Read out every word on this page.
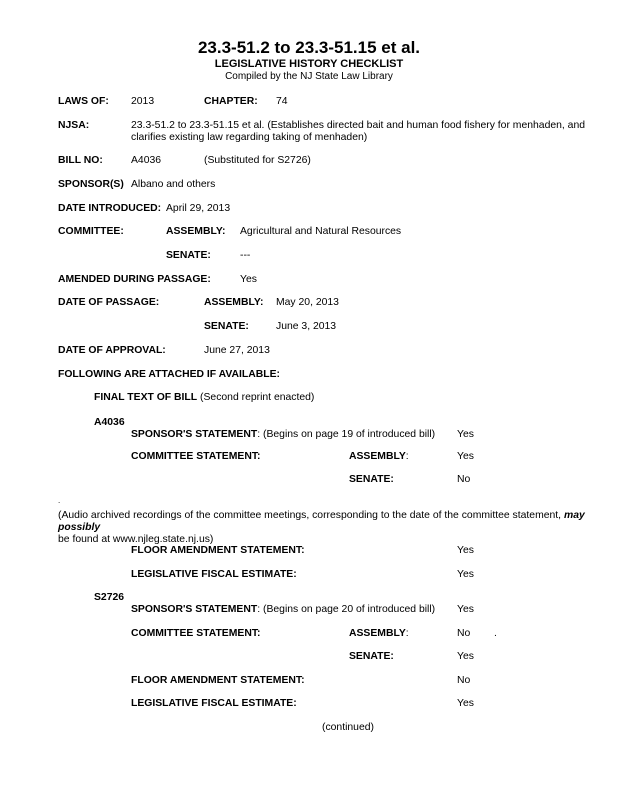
23.3-51.2 to 23.3-51.15 et al.
LEGISLATIVE HISTORY CHECKLIST
Compiled by the NJ State Law Library
LAWS OF: 2013	CHAPTER: 74
NJSA:	23.3-51.2 to 23.3-51.15 et al. (Establishes directed bait and human food fishery for menhaden, and clarifies existing law regarding taking of menhaden)
BILL NO:	A4036	(Substituted for S2726)
SPONSOR(S) Albano and others
DATE INTRODUCED: April 29, 2013
COMMITTEE:	ASSEMBLY: Agricultural and Natural Resources
SENATE:	---
AMENDED DURING PASSAGE:	Yes
DATE OF PASSAGE:	ASSEMBLY: May 20, 2013
SENATE:	June 3, 2013
DATE OF APPROVAL:	June 27, 2013
FOLLOWING ARE ATTACHED IF AVAILABLE:
FINAL TEXT OF BILL (Second reprint enacted)
A4036
SPONSOR'S STATEMENT: (Begins on page 19 of introduced bill) Yes
COMMITTEE STATEMENT:	ASSEMBLY:	Yes
SENATE:	No
.
(Audio archived recordings of the committee meetings, corresponding to the date of the committee statement, may possibly
be found at www.njleg.state.nj.us)
FLOOR AMENDMENT STATEMENT:	Yes
LEGISLATIVE FISCAL ESTIMATE:	Yes
S2726
SPONSOR'S STATEMENT: (Begins on page 20 of introduced bill) Yes
COMMITTEE STATEMENT:	ASSEMBLY:	No .
SENATE:	Yes
FLOOR AMENDMENT STATEMENT:	No
LEGISLATIVE FISCAL ESTIMATE:	Yes
(continued)
